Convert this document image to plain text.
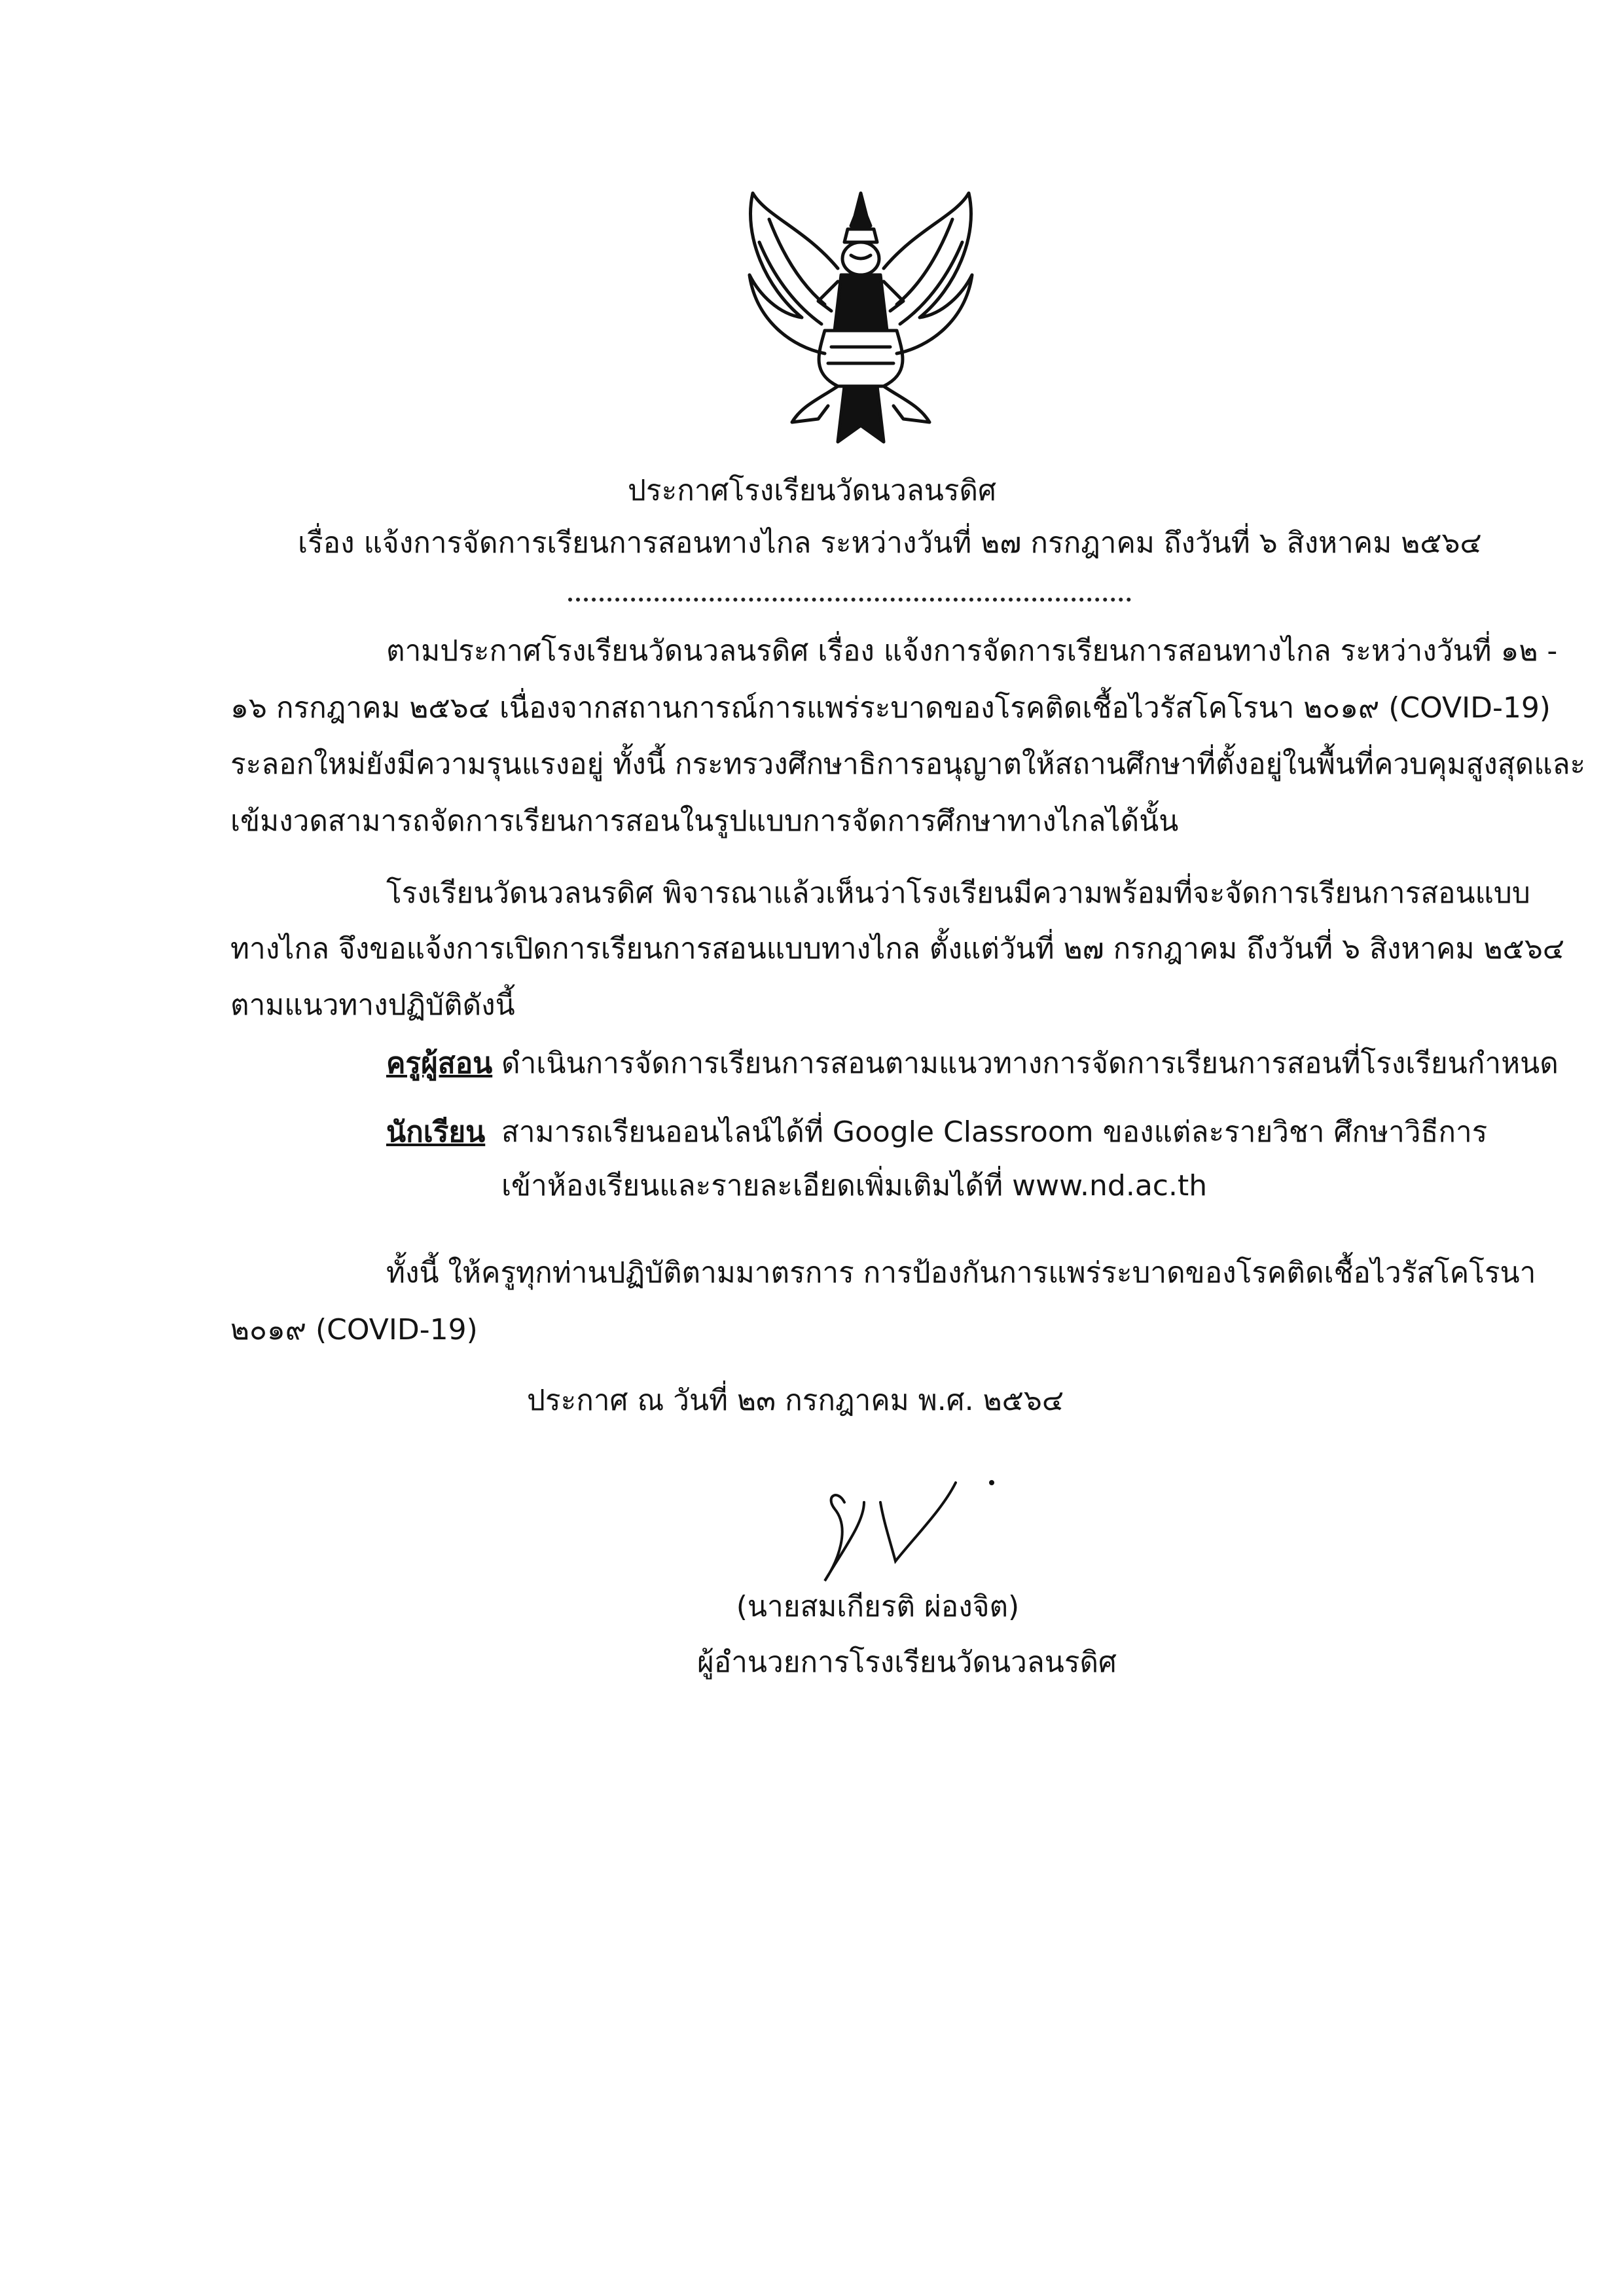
ประกาศโรงเรียนวัดนวลนรดิศ
เรื่อง แจ้งการจัดการเรียนการสอนทางไกล ระหว่างวันที่ ๒๗ กรกฎาคม ถึงวันที่ ๖ สิงหาคม ๒๕๖๔
ตามประกาศโรงเรียนวัดนวลนรดิศ เรื่อง แจ้งการจัดการเรียนการสอนทางไกล ระหว่างวันที่ ๑๒ -
๑๖ กรกฎาคม ๒๕๖๔ เนื่องจากสถานการณ์การแพร่ระบาดของโรคติดเชื้อไวรัสโคโรนา ๒๐๑๙ (COVID-19)
ระลอกใหม่ยังมีความรุนแรงอยู่ ทั้งนี้ กระทรวงศึกษาธิการอนุญาตให้สถานศึกษาที่ตั้งอยู่ในพื้นที่ควบคุมสูงสุดและ
เข้มงวดสามารถจัดการเรียนการสอนในรูปแบบการจัดการศึกษาทางไกลได้นั้น
โรงเรียนวัดนวลนรดิศ พิจารณาแล้วเห็นว่าโรงเรียนมีความพร้อมที่จะจัดการเรียนการสอนแบบ
ทางไกล จึงขอแจ้งการเปิดการเรียนการสอนแบบทางไกล ตั้งแต่วันที่ ๒๗ กรกฎาคม ถึงวันที่ ๖ สิงหาคม ๒๕๖๔
ตามแนวทางปฏิบัติดังนี้
ครูผู้สอน ดำเนินการจัดการเรียนการสอนตามแนวทางการจัดการเรียนการสอนที่โรงเรียนกำหนด
นักเรียน สามารถเรียนออนไลน์ได้ที่ Google Classroom ของแต่ละรายวิชา ศึกษาวิธีการ
เข้าห้องเรียนและรายละเอียดเพิ่มเติมได้ที่ www.nd.ac.th
ทั้งนี้ ให้ครูทุกท่านปฏิบัติตามมาตรการ การป้องกันการแพร่ระบาดของโรคติดเชื้อไวรัสโคโรนา
๒๐๑๙ (COVID-19)
ประกาศ ณ วันที่ ๒๓ กรกฎาคม พ.ศ. ๒๕๖๔
(นายสมเกียรติ ผ่องจิต)
ผู้อำนวยการโรงเรียนวัดนวลนรดิศ
